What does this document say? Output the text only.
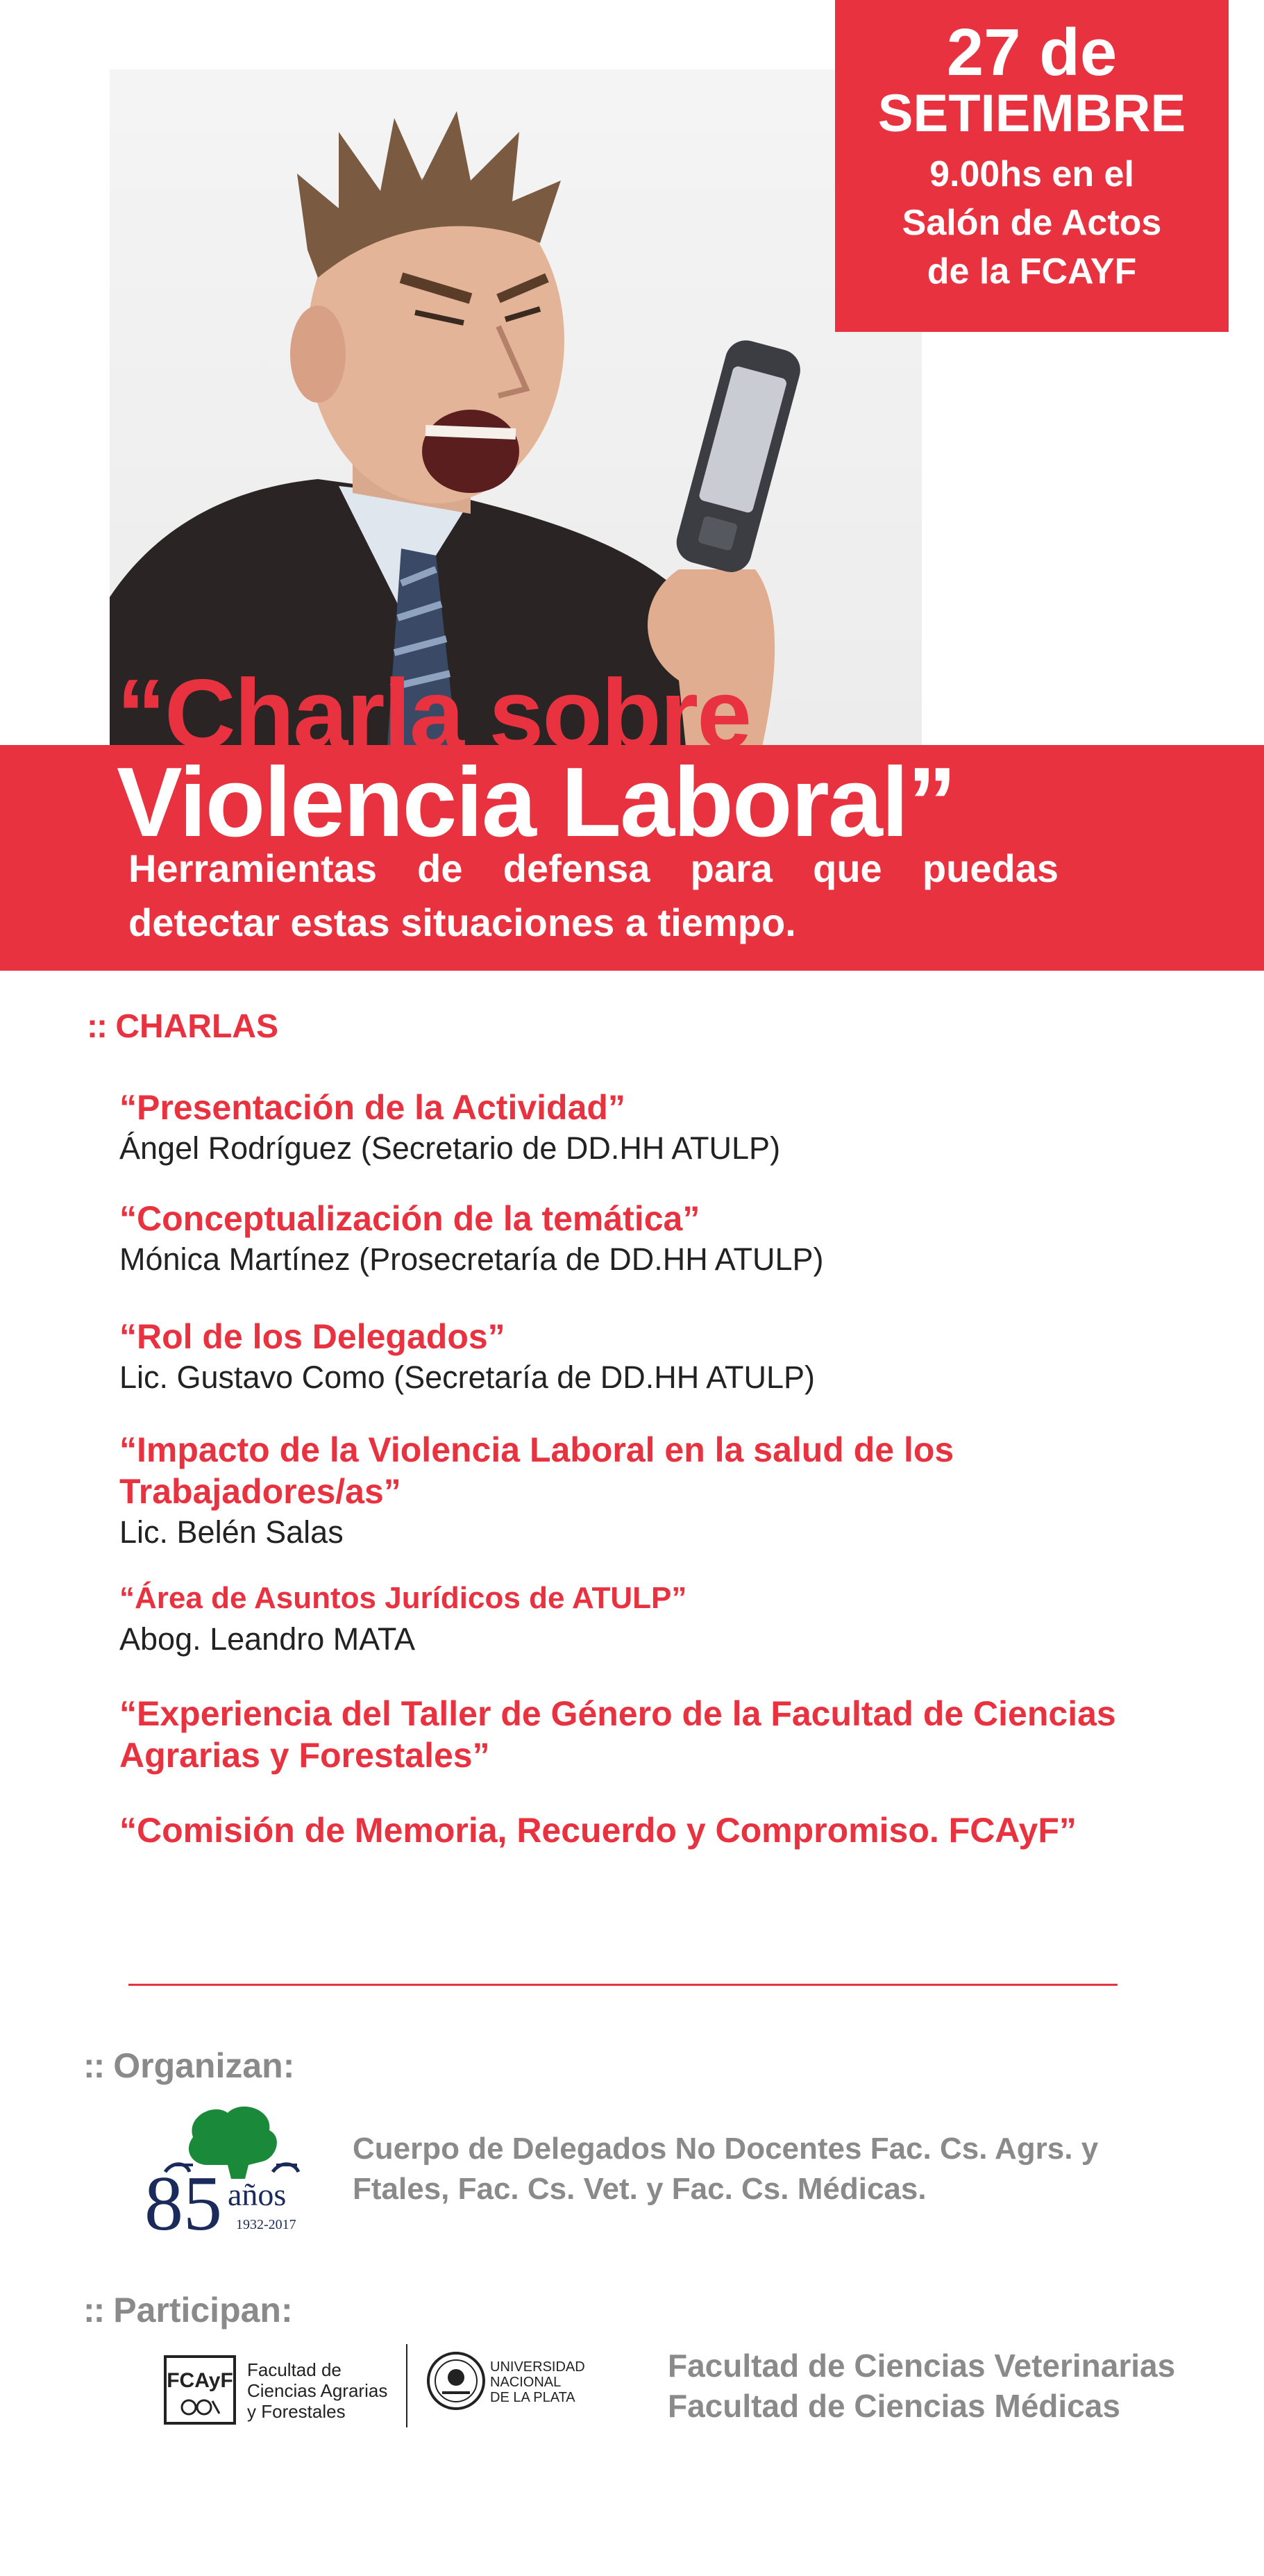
27 de
SETIEMBRE
9.00hs en el
Salón de Actos
de la FCAYF
“Charla sobre
Violencia Laboral”
Herramientas de defensa para que puedas
detectar estas situaciones a tiempo.
:: CHARLAS
“Presentación de la Actividad”
Ángel Rodríguez (Secretario de DD.HH ATULP)
“Conceptualización de la temática”
Mónica Martínez (Prosecretaría de DD.HH ATULP)
“Rol de los Delegados”
Lic. Gustavo Como (Secretaría de DD.HH ATULP)
“Impacto de la Violencia Laboral en la salud de los Trabajadores/as”
Lic. Belén Salas
“Área de Asuntos Jurídicos de ATULP”
Abog. Leandro MATA
“Experiencia del Taller de Género de la Facultad de Ciencias Agrarias y Forestales”
“Comisión de Memoria, Recuerdo y Compromiso. FCAyF”
:: Organizan:
85 años
1932-2017
Cuerpo de Delegados No Docentes Fac. Cs. Agrs. y Ftales, Fac. Cs. Vet. y Fac. Cs. Médicas.
:: Participan:
FCAyF Facultad de
Ciencias Agrarias
y Forestales
UNIVERSIDAD
NACIONAL
DE LA PLATA
Facultad de Ciencias Veterinarias
Facultad de Ciencias Médicas
